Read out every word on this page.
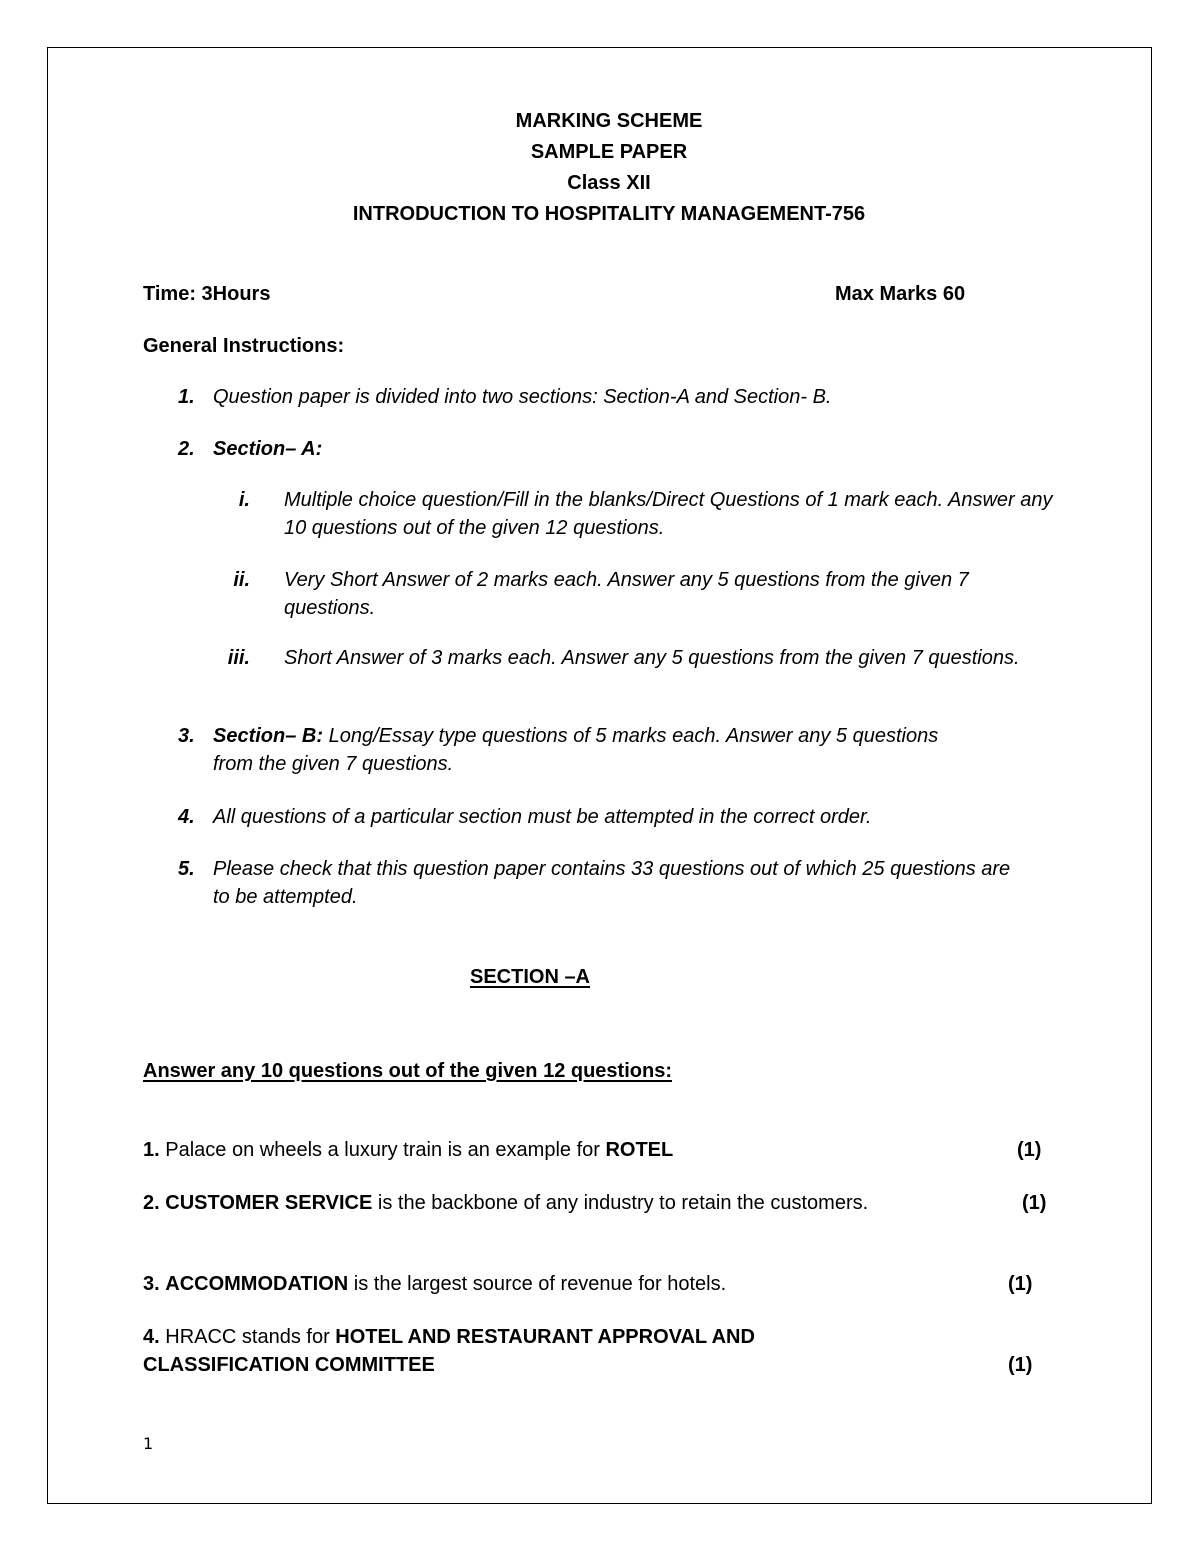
MARKING SCHEME
SAMPLE PAPER
Class XII
INTRODUCTION TO HOSPITALITY MANAGEMENT-756
Time: 3Hours	Max Marks 60
General Instructions:
1. Question paper is divided into two sections: Section-A and Section- B.
2. Section– A:
i. Multiple choice question/Fill in the blanks/Direct Questions of 1 mark each. Answer any 10 questions out of the given 12 questions.
ii. Very Short Answer of 2 marks each. Answer any 5 questions from the given 7 questions.
iii. Short Answer of 3 marks each. Answer any 5 questions from the given 7 questions.
3. Section– B: Long/Essay type questions of 5 marks each. Answer any 5 questions from the given 7 questions.
4. All questions of a particular section must be attempted in the correct order.
5. Please check that this question paper contains 33 questions out of which 25 questions are to be attempted.
SECTION –A
Answer any 10 questions out of the given 12 questions:
1. Palace on wheels a luxury train is an example for ROTEL	(1)
2. CUSTOMER SERVICE is the backbone of any industry to retain the customers.	(1)
3. ACCOMMODATION is the largest source of revenue for hotels.	(1)
4. HRACC stands for HOTEL AND RESTAURANT APPROVAL AND
CLASSIFICATION COMMITTEE	(1)
1
